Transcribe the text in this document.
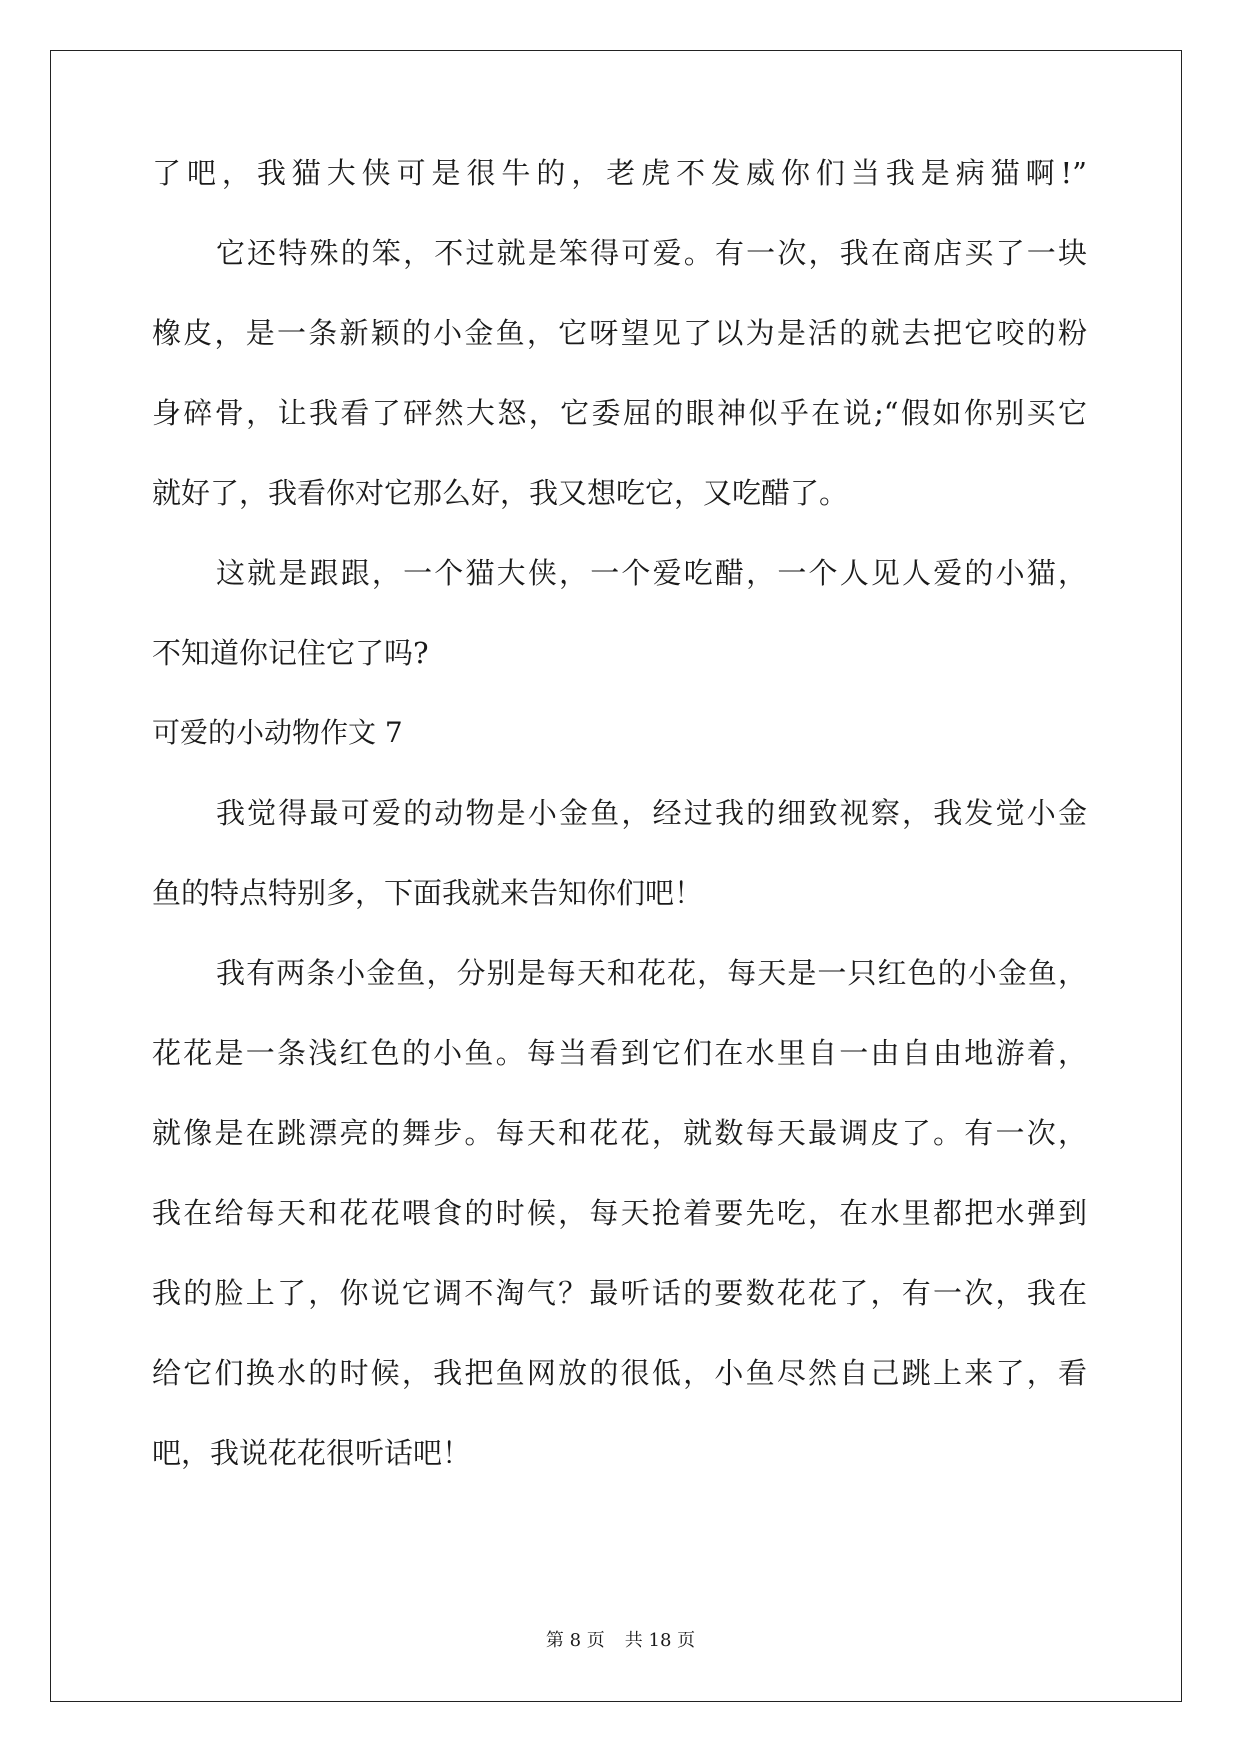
了吧，我猫大侠可是很牛的，老虎不发威你们当我是病猫啊!”
它还特殊的笨，不过就是笨得可爱。有一次，我在商店买了一块
橡皮，是一条新颖的小金鱼，它呀望见了以为是活的就去把它咬的粉
身碎骨，让我看了砰然大怒，它委屈的眼神似乎在说;“假如你别买它
就好了，我看你对它那么好，我又想吃它，又吃醋了。
这就是跟跟，一个猫大侠，一个爱吃醋，一个人见人爱的小猫，
不知道你记住它了吗?
可爱的小动物作文 7
我觉得最可爱的动物是小金鱼，经过我的细致视察，我发觉小金
鱼的特点特别多，下面我就来告知你们吧！
我有两条小金鱼，分别是每天和花花，每天是一只红色的小金鱼，
花花是一条浅红色的小鱼。每当看到它们在水里自一由自由地游着，
就像是在跳漂亮的舞步。每天和花花，就数每天最调皮了。有一次，
我在给每天和花花喂食的时候，每天抢着要先吃，在水里都把水弹到
我的脸上了，你说它调不淘气？最听话的要数花花了，有一次，我在
给它们换水的时候，我把鱼网放的很低，小鱼尽然自己跳上来了，看
吧，我说花花很听话吧！
第 8 页 共 18 页
